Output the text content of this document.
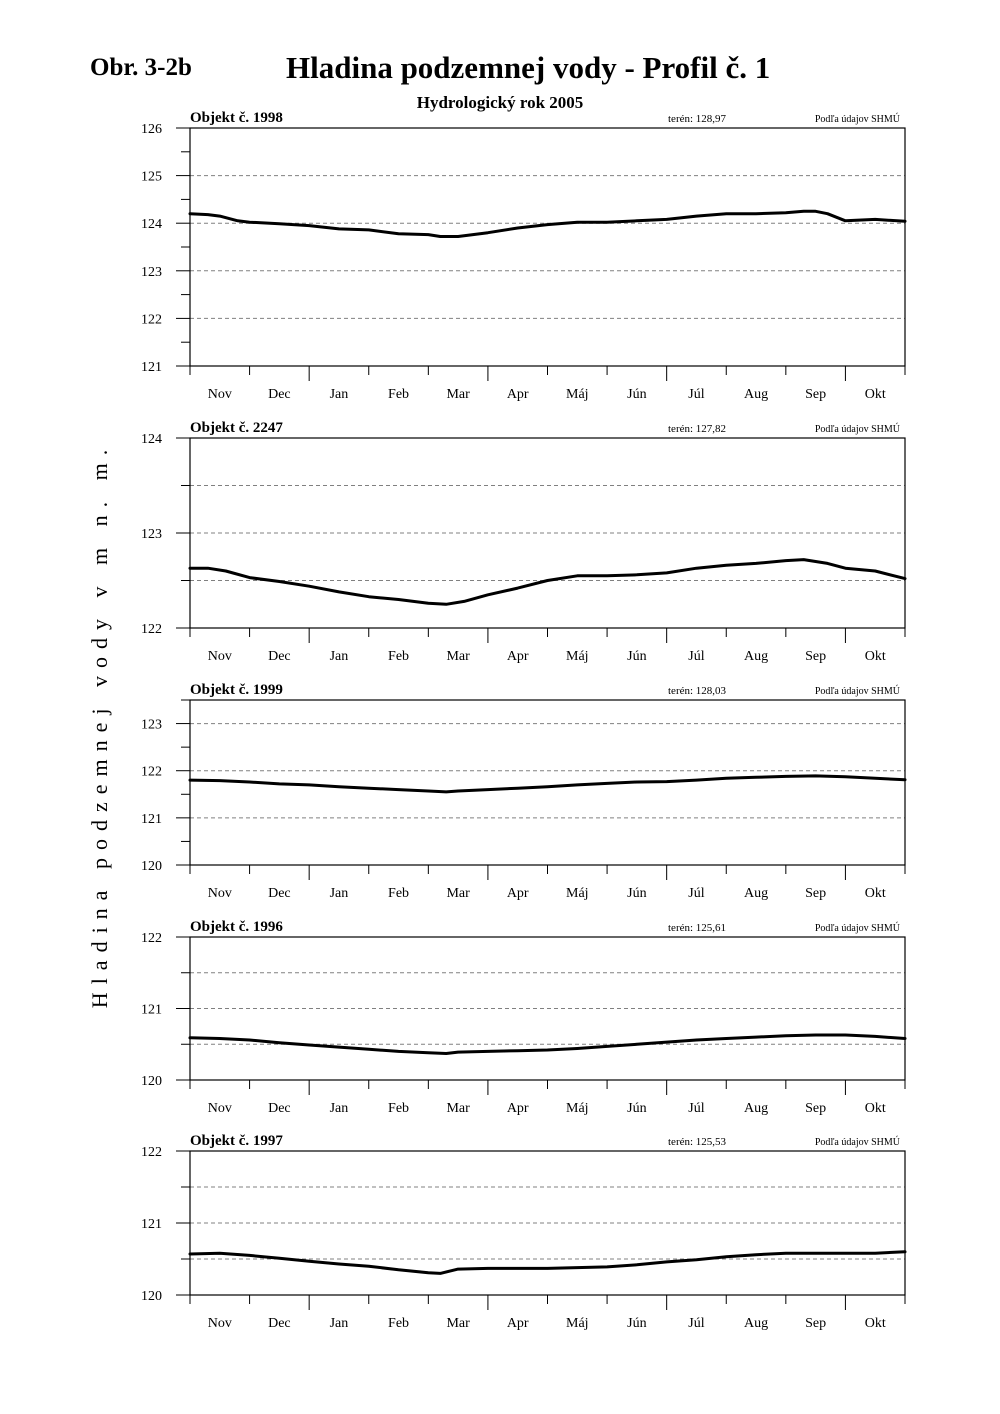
Obr. 3-2b	Hladina podzemnej vody - Profil č. 1
Hydrologický rok 2005
Hladina podzemnej vody v m n. m.
121
122
123
124
125
126
Nov	Dec	Jan	Feb	Mar	Apr	Máj	Jún	Júl	Aug	Sep	Okt
Objekt č. 1998	terén: 128,97	Podľa údajov SHMÚ
122
123
124
Nov	Dec	Jan	Feb	Mar	Apr	Máj	Jún	Júl	Aug	Sep	Okt
Objekt č. 2247	terén: 127,82	Podľa údajov SHMÚ
120
121
122
123
Nov	Dec	Jan	Feb	Mar	Apr	Máj	Jún	Júl	Aug	Sep	Okt
Objekt č. 1999	terén: 128,03	Podľa údajov SHMÚ
120
121
122
Nov	Dec	Jan	Feb	Mar	Apr	Máj	Jún	Júl	Aug	Sep	Okt
Objekt č. 1996	terén: 125,61	Podľa údajov SHMÚ
120
121
122
Nov	Dec	Jan	Feb	Mar	Apr	Máj	Jún	Júl	Aug	Sep	Okt
Objekt č. 1997	terén: 125,53	Podľa údajov SHMÚ
